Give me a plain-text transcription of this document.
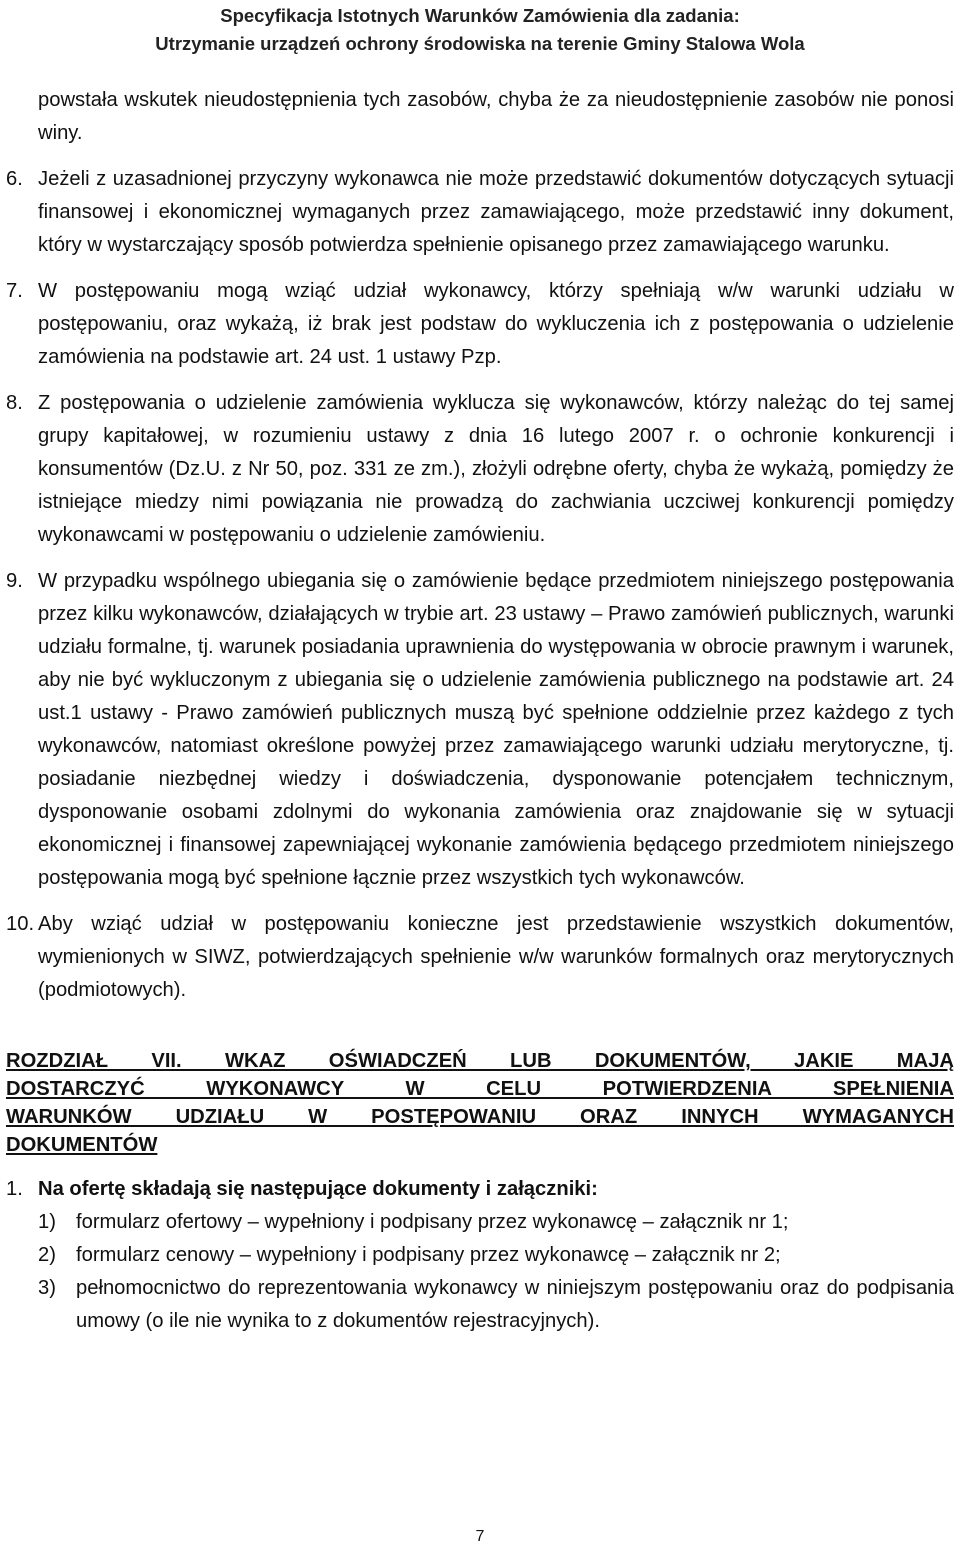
Specyfikacja Istotnych Warunków Zamówienia dla zadania:
Utrzymanie urządzeń ochrony środowiska na terenie Gminy Stalowa Wola
powstała wskutek nieudostępnienia tych zasobów, chyba że za nieudostępnienie zasobów nie ponosi winy.
6. Jeżeli z uzasadnionej przyczyny wykonawca nie może przedstawić dokumentów dotyczących sytuacji finansowej i ekonomicznej wymaganych przez zamawiającego, może przedstawić inny dokument, który w wystarczający sposób potwierdza spełnienie opisanego przez zamawiającego warunku.
7. W postępowaniu mogą wziąć udział wykonawcy, którzy spełniają w/w warunki udziału w postępowaniu, oraz wykażą, iż brak jest podstaw do wykluczenia ich z postępowania o udzielenie zamówienia na podstawie art. 24 ust. 1 ustawy Pzp.
8. Z postępowania o udzielenie zamówienia wyklucza się wykonawców, którzy należąc do tej samej grupy kapitałowej, w rozumieniu ustawy z dnia 16 lutego 2007 r. o ochronie konkurencji i konsumentów (Dz.U. z Nr 50, poz. 331 ze zm.), złożyli odrębne oferty, chyba że wykażą, pomiędzy że istniejące miedzy nimi powiązania nie prowadzą do zachwiania uczciwej konkurencji pomiędzy wykonawcami w postępowaniu o udzielenie zamówieniu.
9. W przypadku wspólnego ubiegania się o zamówienie będące przedmiotem niniejszego postępowania przez kilku wykonawców, działających w trybie art. 23 ustawy – Prawo zamówień publicznych, warunki udziału formalne, tj. warunek posiadania uprawnienia do występowania w obrocie prawnym i warunek, aby nie być wykluczonym z ubiegania się o udzielenie zamówienia publicznego na podstawie art. 24 ust.1 ustawy - Prawo zamówień publicznych muszą być spełnione oddzielnie przez każdego z tych wykonawców, natomiast określone powyżej przez zamawiającego warunki udziału merytoryczne, tj. posiadanie niezbędnej wiedzy i doświadczenia, dysponowanie potencjałem technicznym, dysponowanie osobami zdolnymi do wykonania zamówienia oraz znajdowanie się w sytuacji ekonomicznej i finansowej zapewniającej wykonanie zamówienia będącego przedmiotem niniejszego postępowania mogą być spełnione łącznie przez wszystkich tych wykonawców.
10. Aby wziąć udział w postępowaniu konieczne jest przedstawienie wszystkich dokumentów, wymienionych w SIWZ, potwierdzających spełnienie w/w warunków formalnych oraz merytorycznych (podmiotowych).
ROZDZIAŁ VII. WKAZ OŚWIADCZEŃ LUB DOKUMENTÓW, JAKIE MAJĄ
DOSTARCZYĆ WYKONAWCY W CELU POTWIERDZENIA SPEŁNIENIA
WARUNKÓW UDZIAŁU W POSTĘPOWANIU ORAZ INNYCH WYMAGANYCH
DOKUMENTÓW
1. Na ofertę składają się następujące dokumenty i załączniki:
1) formularz ofertowy – wypełniony i podpisany przez wykonawcę – załącznik nr 1;
2) formularz cenowy – wypełniony i podpisany przez wykonawcę – załącznik nr 2;
3) pełnomocnictwo do reprezentowania wykonawcy w niniejszym postępowaniu oraz do podpisania umowy (o ile nie wynika to z dokumentów rejestracyjnych).
7
